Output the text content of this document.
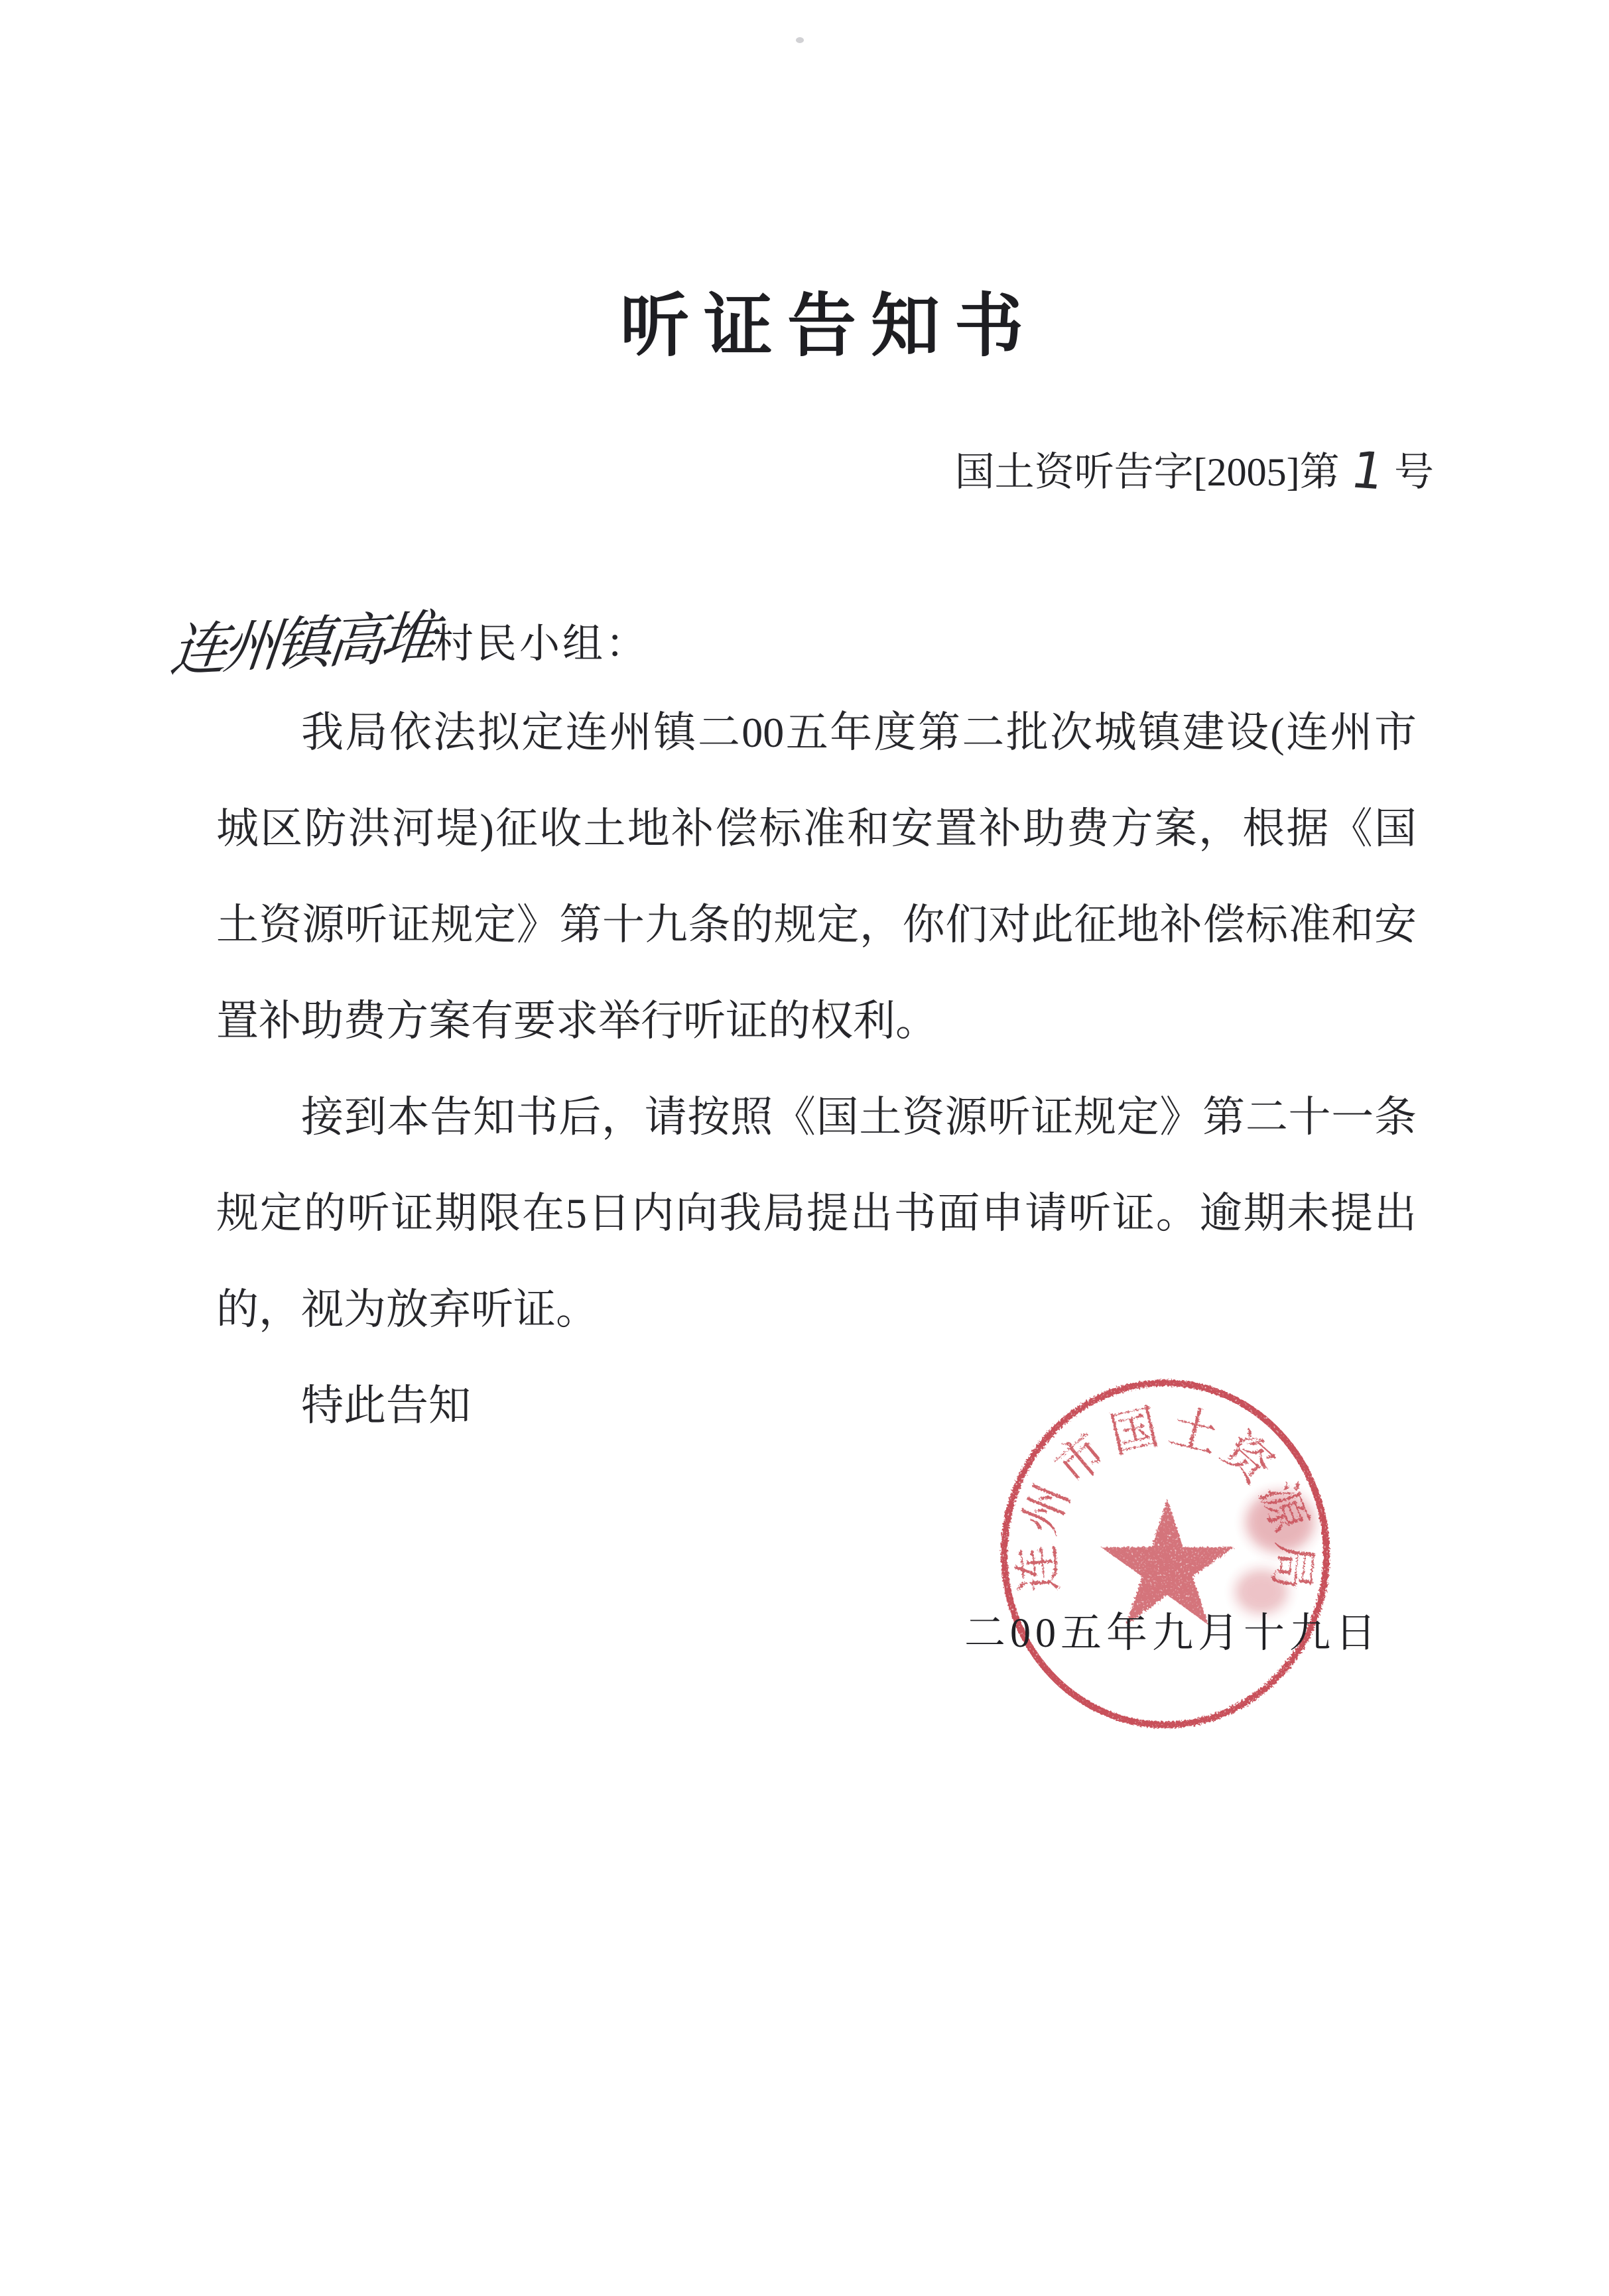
听证告知书
国土资听告字[2005]第 1 号
连州镇高堆村民小组：

我局依法拟定连州镇二00五年度第二批次城镇建设(连州市城区防洪河堤)征收土地补偿标准和安置补助费方案，根据《国土资源听证规定》第十九条的规定，你们对此征地补偿标准和安置补助费方案有要求举行听证的权利。

接到本告知书后，请按照《国土资源听证规定》第二十一条规定的听证期限在5日内向我局提出书面申请听证。逾期未提出的，视为放弃听证。

特此告知

连州市国土资源局
二00五年九月十九日
